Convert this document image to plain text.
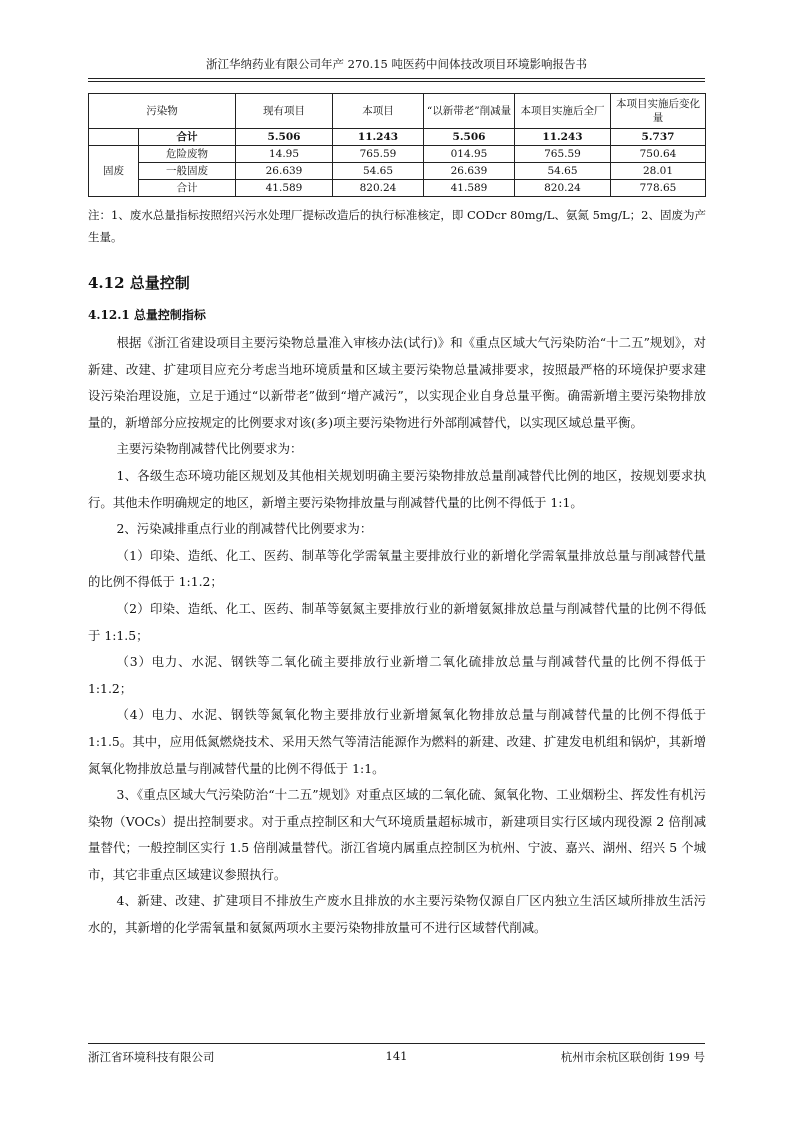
浙江华纳药业有限公司年产 270.15 吨医药中间体技改项目环境影响报告书
污染物		现有项目	本项目	“以新带老”削减量	本项目实施后全厂	本项目实施后变化量
	合计	5.506	11.243	5.506	11.243	5.737
固废	危险废物	14.95	765.59	014.95	765.59	750.64
	一般固废	26.639	54.65	26.639	54.65	28.01
	合计	41.589	820.24	41.589	820.24	778.65
注：1、废水总量指标按照绍兴污水处理厂提标改造后的执行标准核定，即 CODcr 80mg/L、氨氮 5mg/L；2、固废为产生量。
4.12 总量控制
4.12.1 总量控制指标

根据《浙江省建设项目主要污染物总量准入审核办法(试行)》和《重点区域大气污染防治“十二五”规划》，对新建、改建、扩建项目应充分考虑当地环境质量和区域主要污染物总量减排要求，按照最严格的环境保护要求建设污染治理设施，立足于通过“以新带老”做到“增产减污”，以实现企业自身总量平衡。确需新增主要污染物排放量的，新增部分应按规定的比例要求对该(多)项主要污染物进行外部削减替代，以实现区域总量平衡。

主要污染物削减替代比例要求为：

1、各级生态环境功能区规划及其他相关规划明确主要污染物排放总量削减替代比例的地区，按规划要求执行。其他未作明确规定的地区，新增主要污染物排放量与削减替代量的比例不得低于 1:1。

2、污染减排重点行业的削减替代比例要求为：

（1）印染、造纸、化工、医药、制革等化学需氧量主要排放行业的新增化学需氧量排放总量与削减替代量的比例不得低于 1:1.2；

（2）印染、造纸、化工、医药、制革等氨氮主要排放行业的新增氨氮排放总量与削减替代量的比例不得低于 1:1.5；

（3）电力、水泥、钢铁等二氧化硫主要排放行业新增二氧化硫排放总量与削减替代量的比例不得低于 1:1.2；

（4）电力、水泥、钢铁等氮氧化物主要排放行业新增氮氧化物排放总量与削减替代量的比例不得低于 1:1.5。其中，应用低氮燃烧技术、采用天然气等清洁能源作为燃料的新建、改建、扩建发电机组和锅炉，其新增氮氧化物排放总量与削减替代量的比例不得低于 1:1。

3、《重点区域大气污染防治“十二五”规划》对重点区域的二氧化硫、氮氧化物、工业烟粉尘、挥发性有机污染物（VOCs）提出控制要求。对于重点控制区和大气环境质量超标城市，新建项目实行区域内现役源 2 倍削减量替代；一般控制区实行 1.5 倍削减量替代。浙江省境内属重点控制区为杭州、宁波、嘉兴、湖州、绍兴 5 个城市，其它非重点区域建议参照执行。

4、新建、改建、扩建项目不排放生产废水且排放的水主要污染物仅源自厂区内独立生活区域所排放生活污水的，其新增的化学需氧量和氨氮两项水主要污染物排放量可不进行区域替代削减。

浙江省环境科技有限公司	141	杭州市余杭区联创街 199 号
